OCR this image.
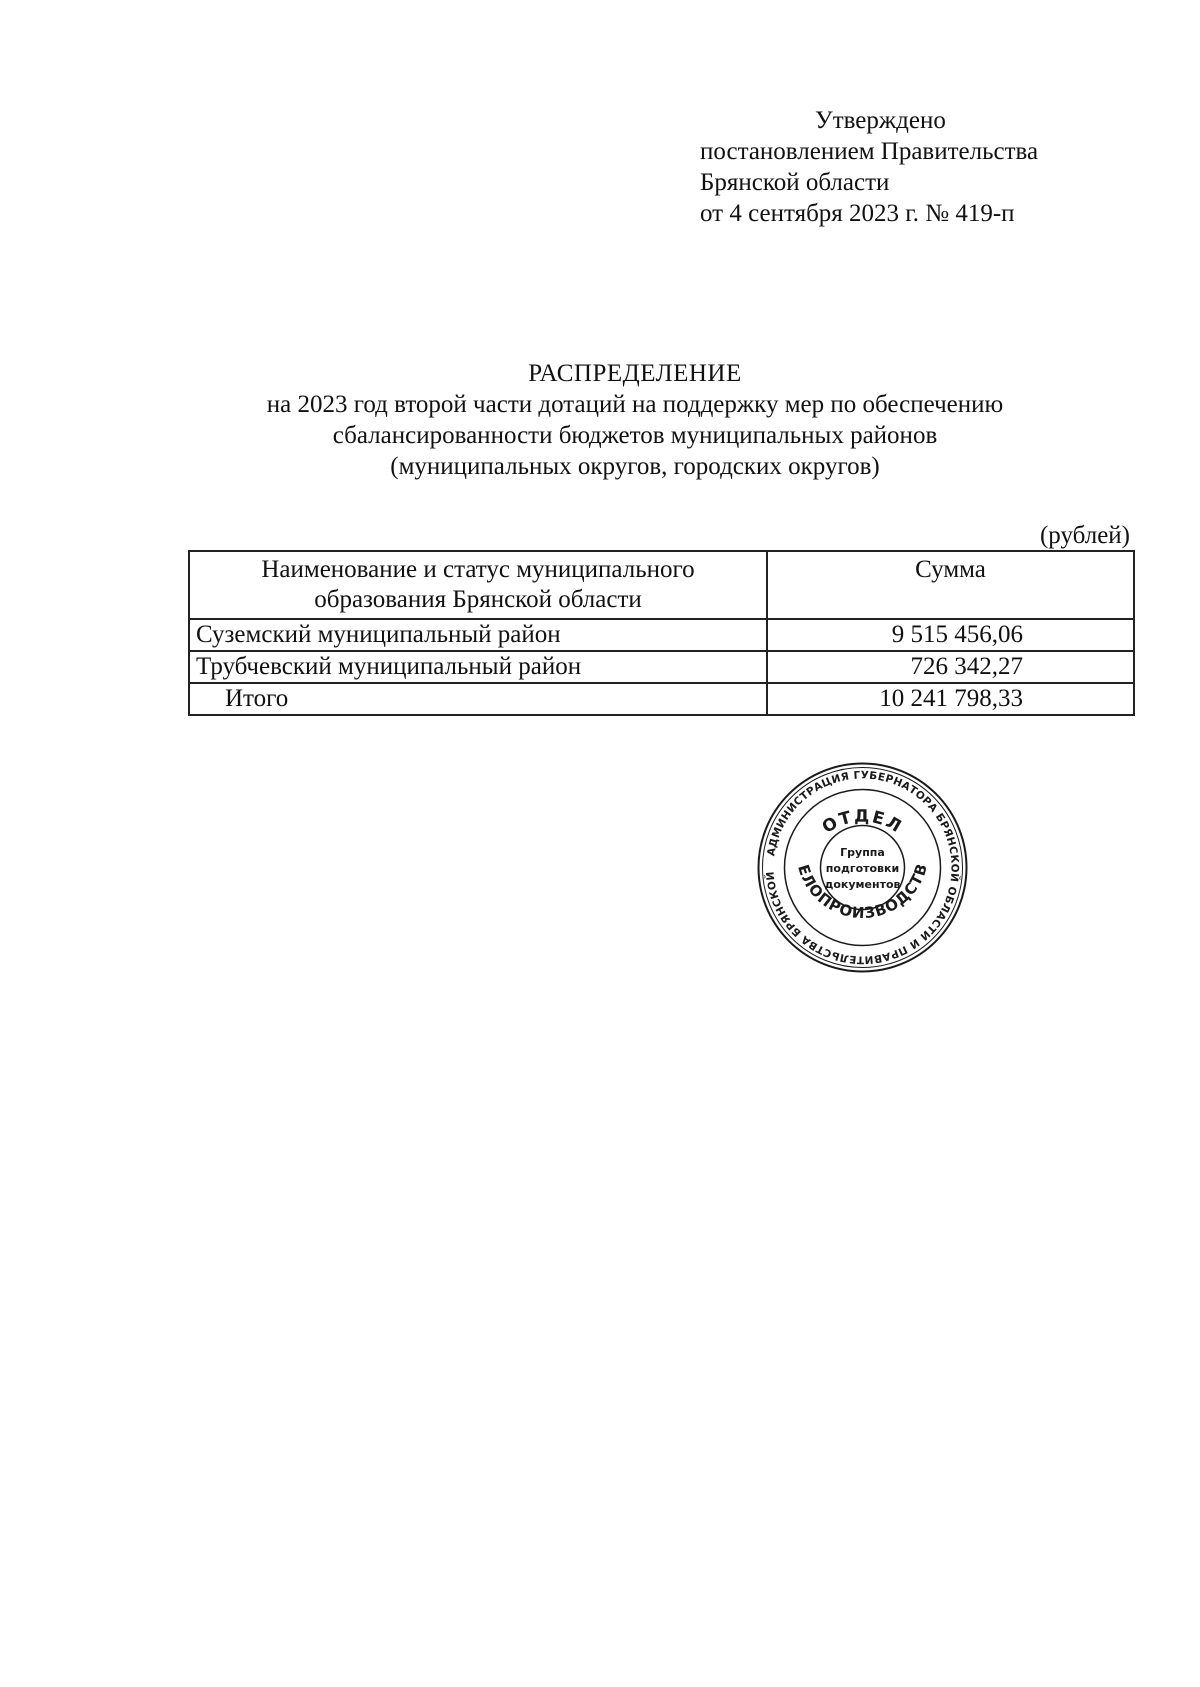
Утверждено
постановлением Правительства
Брянской области
от 4 сентября 2023 г. № 419-п
РАСПРЕДЕЛЕНИЕ
на 2023 год второй части дотаций на поддержку мер по обеспечению
сбалансированности бюджетов муниципальных районов
(муниципальных округов, городских округов)
(рублей)
Наименование и статус муниципального
образования Брянской области	Сумма
Суземский муниципальный район	9 515 456,06
Трубчевский муниципальный район	726 342,27
Итого	10 241 798,33
АДМИНИСТРАЦИЯ ГУБЕРНАТОРА БРЯНСКОЙ ОБЛАСТИ И ПРАВИТЕЛЬСТВА БРЯНСКОЙ
ОТДЕЛ
ЕЛОПРОИЗВОДСТВ
Группа
подготовки
документов
